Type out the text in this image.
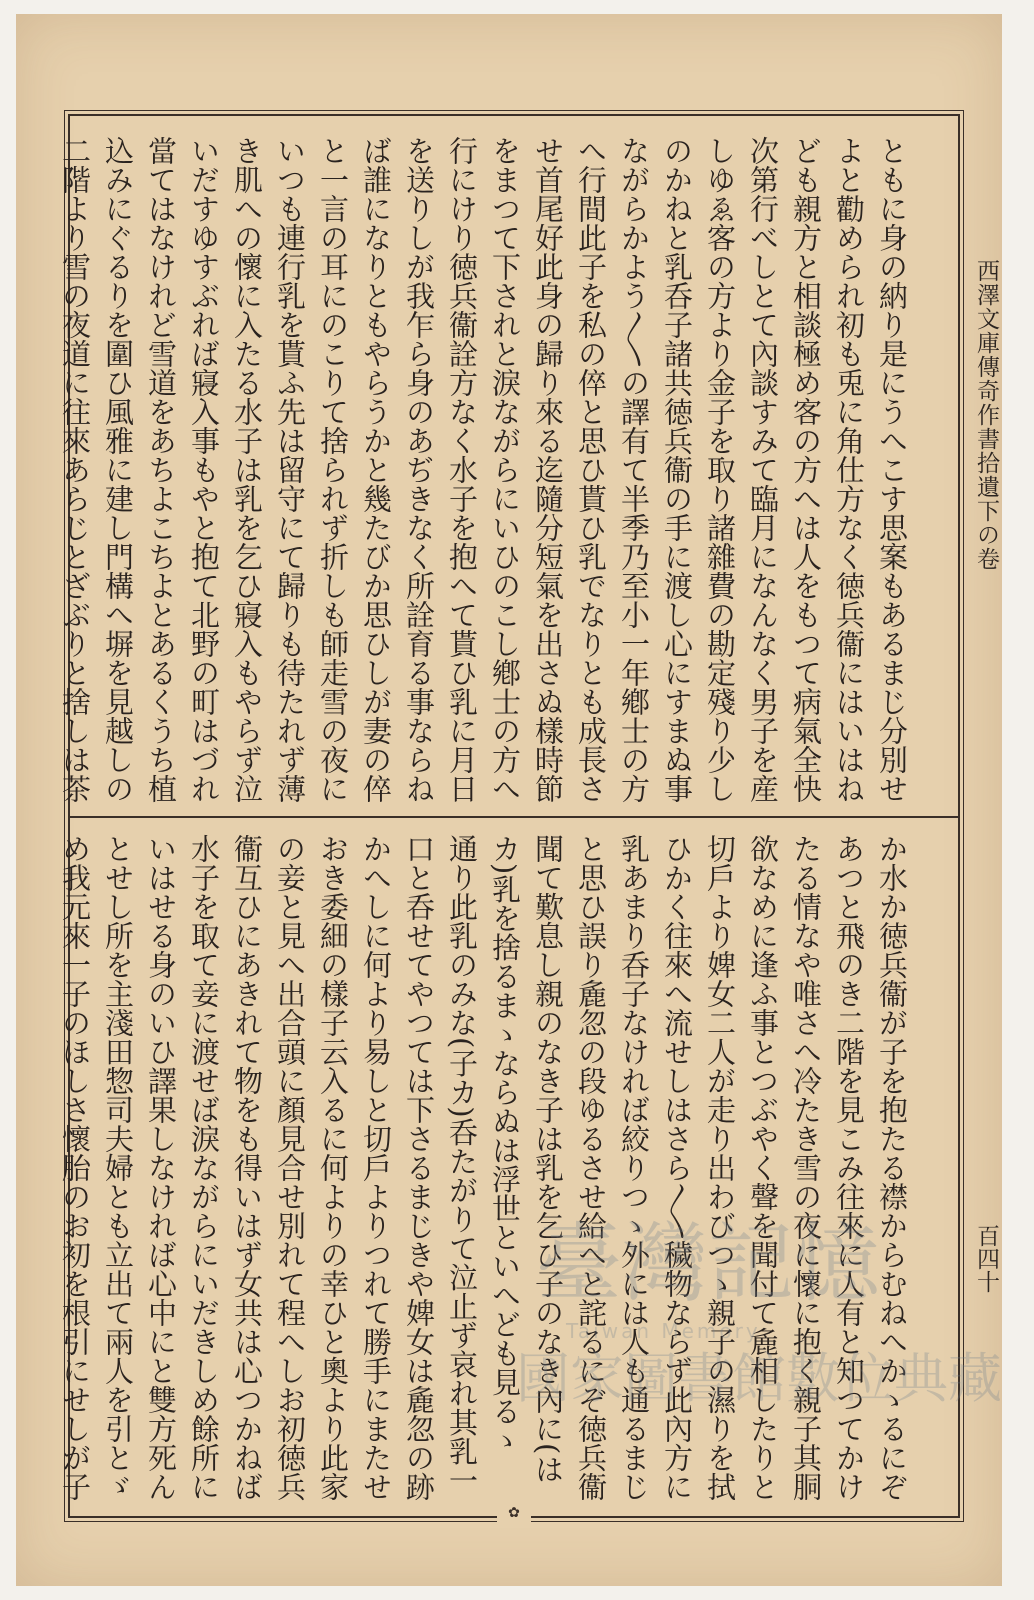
✿
西澤文庫傳奇作書拾遺下の卷
百四十
ともに身の納り是にうへこす思案もあるまじ分別せ
よと勸められ初も兎に角仕方なく徳兵衞にはいはね
ども親方と相談極め客の方へは人をもつて病氣全快
次第行べしとて內談すみて臨月になんなく男子を産
しゆゑ客の方より金子を取り諸雜費の勘定殘り少し
のかねと乳呑子諸共徳兵衞の手に渡し心にすまぬ事
ながらかよう〳〵の譯有て半季乃至小一年鄕士の方
へ行間此子を私の倅と思ひ貰ひ乳でなりとも成長さ
せ首尾好此身の歸り來る迄隨分短氣を出さぬ樣時節
をまつて下されと淚ながらにいひのこし鄕士の方へ
行にけり徳兵衞詮方なく水子を抱へて貰ひ乳に月日
を送りしが我乍ら身のあぢきなく所詮育る事ならね
ば誰になりともやらうかと幾たびか思ひしが妻の倅
と一言の耳にのこりて捨られず折しも師走雪の夜に
いつも連行乳を貰ふ先は留守にて歸りも待たれず薄
き肌への懷に入たる水子は乳を乞ひ寢入もやらず泣
いだすゆすぶれば寢入事もやと抱て北野の町はづれ
當てはなけれど雪道をあちよこちよとあるくうち植
込みにぐるりを圍ひ風雅に建し門構へ塀を見越しの
二階より雪の夜道に往來あらじとざぶりと捨しは茶
か水か徳兵衞が子を抱たる襟からむねへかゝるにぞ
あつと飛のき二階を見こみ往來に人有と知つてかけ
たる情なや唯さへ冷たき雪の夜に懷に抱く親子其胴
欲なめに逢ふ事とつぶやく聲を聞付て麁相したりと
切戶より婢女二人が走り出わびつゝ親子の濕りを拭
ひかく往來へ流せしはさら〳〵穢物ならず此內方に
乳あまり呑子なければ絞りつゝ外には人も通るまじ
と思ひ誤り麁忽の段ゆるさせ給へと詫るにぞ徳兵衞
聞て歎息し親のなき子は乳を乞ひ子のなき內に(は
カ)乳を捨るまゝならぬは浮世といへども見るゝ
通り此乳のみな(子カ)呑たがりて泣止ず哀れ其乳一
口と呑せてやつては下さるまじきや婢女は麁忽の跡
かへしに何より易しと切戶よりつれて勝手にまたせ
おき委細の樣子云入るに何よりの幸ひと奧より此家
の妾と見へ出合頭に顏見合せ別れて程へしお初徳兵
衞互ひにあきれて物をも得いはず女共は心つかねば
水子を取て妾に渡せば淚ながらにいだきしめ餘所に
いはせる身のいひ譯果しなければ心中にと雙方死ん
とせし所を主淺田惣司夫婦とも立出て兩人を引とゞ
め我元來一子のほしさ懷胎のお初を根引にせしが子	臺灣記憶
Taiwan Memory
國家圖書館數位典藏
